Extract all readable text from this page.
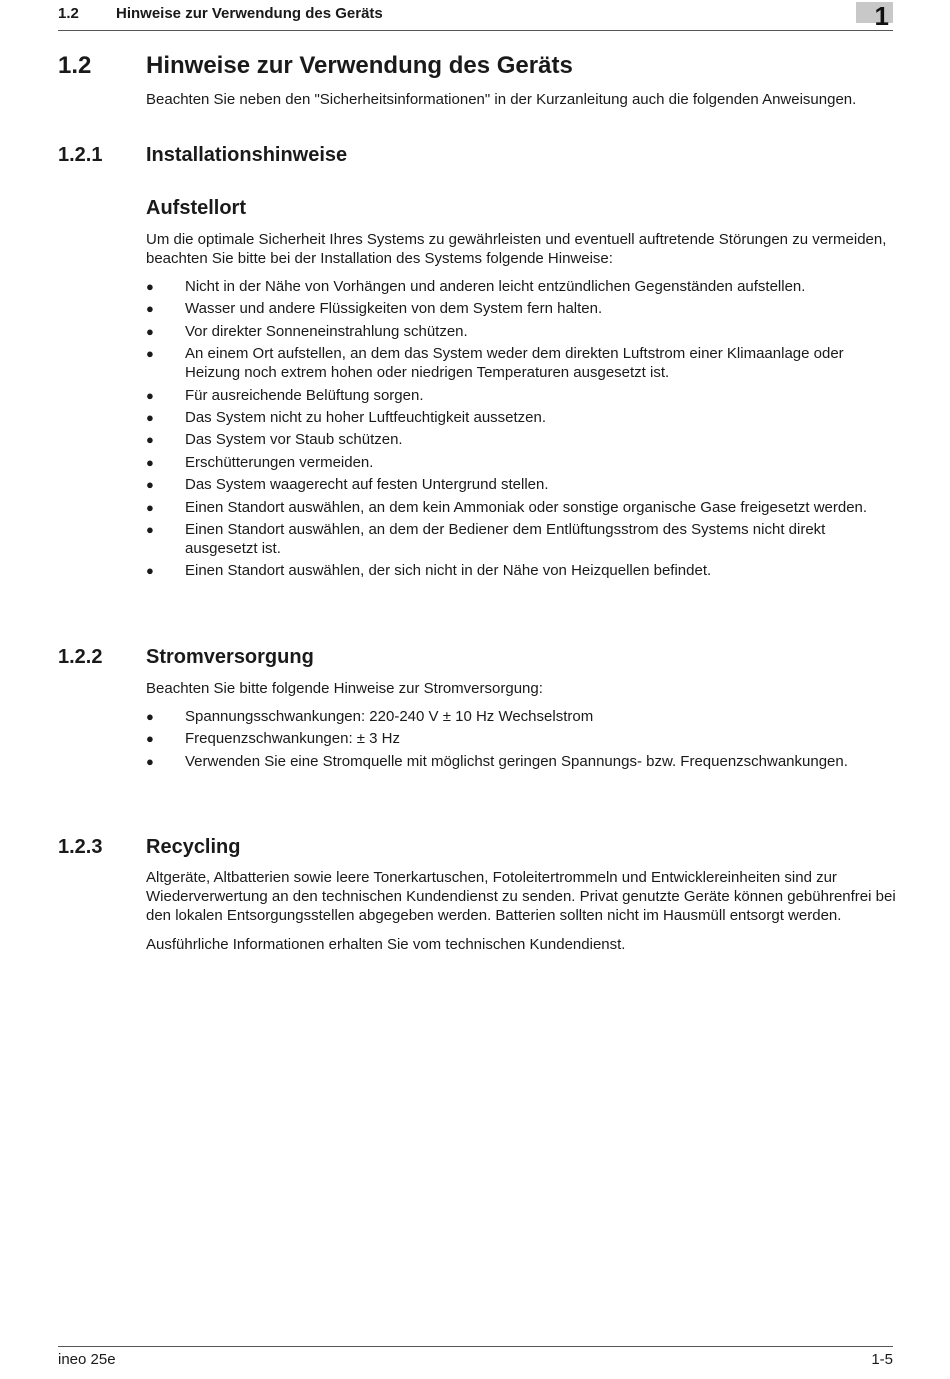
1.2 Hinweise zur Verwendung des Geräts	1
1.2 Hinweise zur Verwendung des Geräts

Beachten Sie neben den "Sicherheitsinformationen" in der Kurzanleitung auch die folgenden Anweisungen.

1.2.1 Installationshinweise
Aufstellort

Um die optimale Sicherheit Ihres Systems zu gewährleisten und eventuell auftretende Störungen zu vermeiden, beachten Sie bitte bei der Installation des Systems folgende Hinweise:

● Nicht in der Nähe von Vorhängen und anderen leicht entzündlichen Gegenständen aufstellen.
● Wasser und andere Flüssigkeiten von dem System fern halten.
● Vor direkter Sonneneinstrahlung schützen.
● An einem Ort aufstellen, an dem das System weder dem direkten Luftstrom einer Klimaanlage oder Heizung noch extrem hohen oder niedrigen Temperaturen ausgesetzt ist.
● Für ausreichende Belüftung sorgen.
● Das System nicht zu hoher Luftfeuchtigkeit aussetzen.
● Das System vor Staub schützen.
● Erschütterungen vermeiden.
● Das System waagerecht auf festen Untergrund stellen.
● Einen Standort auswählen, an dem kein Ammoniak oder sonstige organische Gase freigesetzt werden.
● Einen Standort auswählen, an dem der Bediener dem Entlüftungsstrom des Systems nicht direkt ausgesetzt ist.
● Einen Standort auswählen, der sich nicht in der Nähe von Heizquellen befindet.
1.2.2 Stromversorgung

Beachten Sie bitte folgende Hinweise zur Stromversorgung:

● Spannungsschwankungen: 220-240 V ± 10 Hz Wechselstrom
● Frequenzschwankungen: ± 3 Hz
● Verwenden Sie eine Stromquelle mit möglichst geringen Spannungs- bzw. Frequenzschwankungen.
1.2.3 Recycling

Altgeräte, Altbatterien sowie leere Tonerkartuschen, Fotoleitertrommeln und Entwicklereinheiten sind zur Wiederverwertung an den technischen Kundendienst zu senden. Privat genutzte Geräte können gebührenfrei bei den lokalen Entsorgungsstellen abgegeben werden. Batterien sollten nicht im Hausmüll entsorgt werden.

Ausführliche Informationen erhalten Sie vom technischen Kundendienst.

ineo 25e	1-5
